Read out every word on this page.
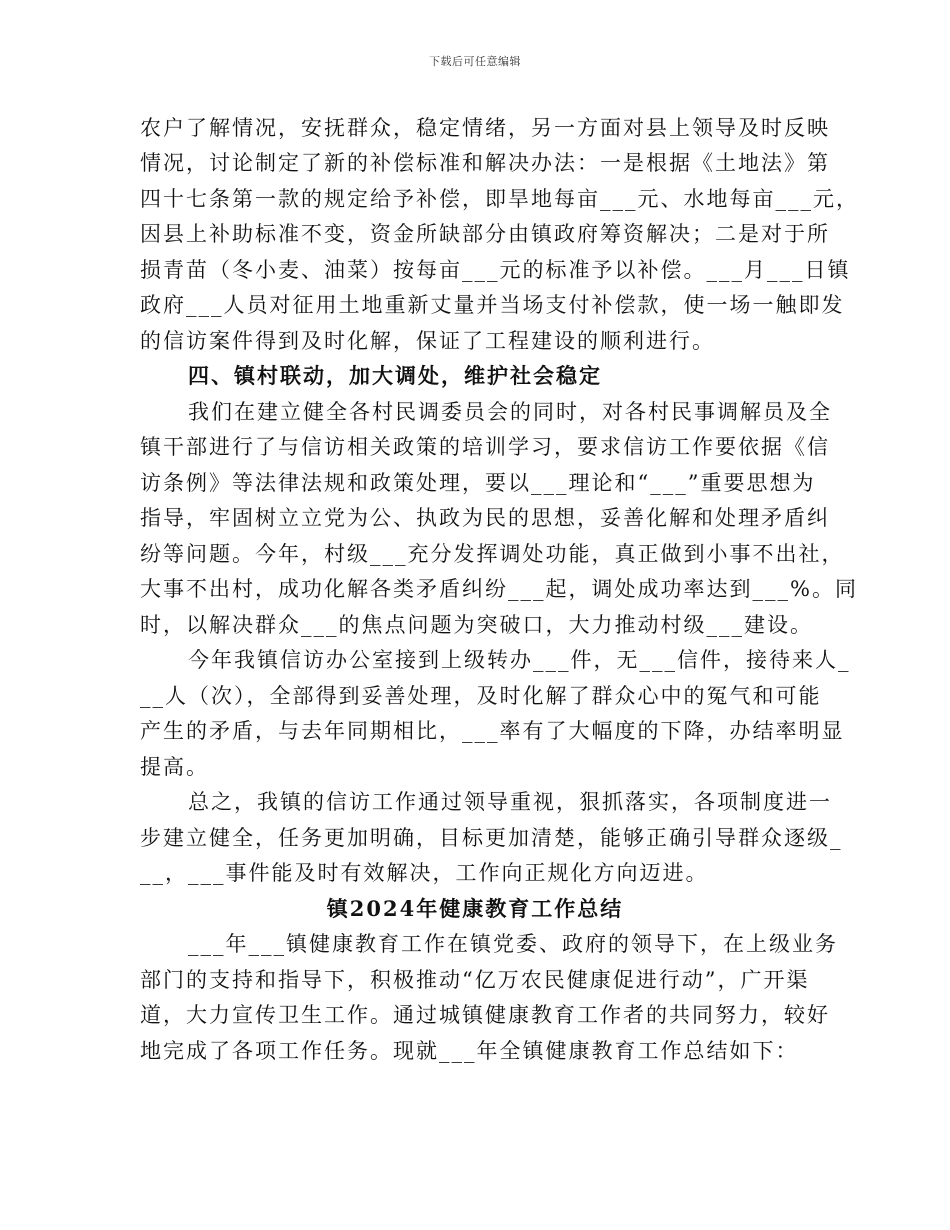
下载后可任意编辑
农户了解情况，安抚群众，稳定情绪，另一方面对县上领导及时反映
情况，讨论制定了新的补偿标准和解决办法：一是根据《土地法》第
四十七条第一款的规定给予补偿，即旱地每亩___元、水地每亩___元，
因县上补助标准不变，资金所缺部分由镇政府筹资解决；二是对于所
损青苗（冬小麦、油菜）按每亩___元的标准予以补偿。___月___日镇
政府___人员对征用土地重新丈量并当场支付补偿款，使一场一触即发
的信访案件得到及时化解，保证了工程建设的顺利进行。
四、镇村联动，加大调处，维护社会稳定
我们在建立健全各村民调委员会的同时，对各村民事调解员及全
镇干部进行了与信访相关政策的培训学习，要求信访工作要依据《信
访条例》等法律法规和政策处理，要以___理论和“___”重要思想为
指导，牢固树立立党为公、执政为民的思想，妥善化解和处理矛盾纠
纷等问题。今年，村级___充分发挥调处功能，真正做到小事不出社，
大事不出村，成功化解各类矛盾纠纷___起，调处成功率达到___%。同
时，以解决群众___的焦点问题为突破口，大力推动村级___建设。
今年我镇信访办公室接到上级转办___件，无___信件，接待来人_
__人（次），全部得到妥善处理，及时化解了群众心中的冤气和可能
产生的矛盾，与去年同期相比，___率有了大幅度的下降，办结率明显
提高。
总之，我镇的信访工作通过领导重视，狠抓落实，各项制度进一
步建立健全，任务更加明确，目标更加清楚，能够正确引导群众逐级_
__，___事件能及时有效解决，工作向正规化方向迈进。
镇2024年健康教育工作总结
___年___镇健康教育工作在镇党委、政府的领导下，在上级业务
部门的支持和指导下，积极推动“亿万农民健康促进行动”，广开渠
道，大力宣传卫生工作。通过城镇健康教育工作者的共同努力，较好
地完成了各项工作任务。现就___年全镇健康教育工作总结如下：
